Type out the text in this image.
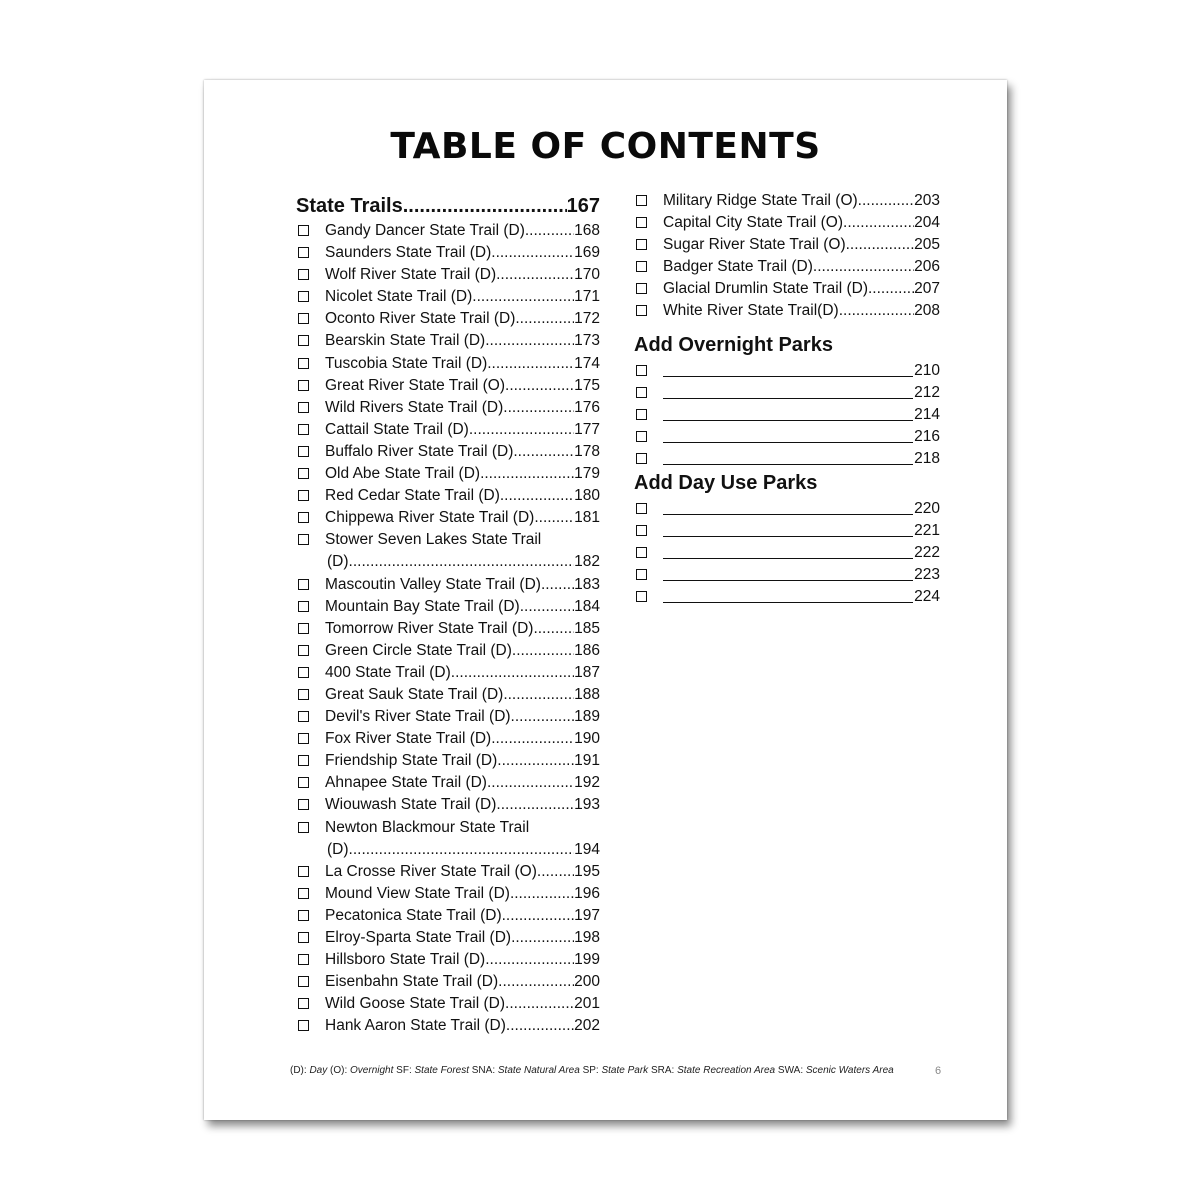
TABLE OF CONTENTS
State Trails .....	167
Gandy Dancer State Trail (D) .....	168
Saunders State Trail (D) .....	169
Wolf River State Trail (D) .....	170
Nicolet State Trail (D) .....	171
Oconto River State Trail (D) .....	172
Bearskin State Trail (D) .....	173
Tuscobia State Trail (D) .....	174
Great River State Trail (O) .....	175
Wild Rivers State Trail (D) .....	176
Cattail State Trail (D) .....	177
Buffalo River State Trail (D) .....	178
Old Abe State Trail (D) .....	179
Red Cedar State Trail (D) .....	180
Chippewa River State Trail (D) .....	181
Stower Seven Lakes State Trail
(D) .....	182
Mascoutin Valley State Trail (D) ..... 183
Mountain Bay State Trail (D) .....	184
Tomorrow River State Trail (D) .....	185
Green Circle State Trail (D) .....	186
400 State Trail (D) .....	187
Great Sauk State Trail (D) .....	188
Devil's River State Trail (D) .....	189
Fox River State Trail (D) .....	190
Friendship State Trail (D) .....	191
Ahnapee State Trail (D) .....	192
Wiouwash State Trail (D) .....	193
Newton Blackmour State Trail
(D) .....	194
La Crosse River State Trail (O) ..... 195
Mound View State Trail (D) .....	196
Pecatonica State Trail (D) .....	197
Elroy-Sparta State Trail (D) .....	198
Hillsboro State Trail (D) .....	199
Eisenbahn State Trail (D) .....	200
Wild Goose State Trail (D) .....	201
Hank Aaron State Trail (D) .....	202
Military Ridge State Trail (O) .....	203
Capital City State Trail (O) .....	204
Sugar River State Trail (O) .....	205
Badger State Trail (D) .....	206
Glacial Drumlin State Trail (D) .....	207
White River State Trail(D) .....	208
Add Overnight Parks
210
212
214
216
218
Add Day Use Parks
220
221
222
223
224
(D): Day (O): Overnight SF: State Forest SNA: State Natural Area SP: State Park SRA: State Recreation Area SWA: Scenic Waters Area	6
